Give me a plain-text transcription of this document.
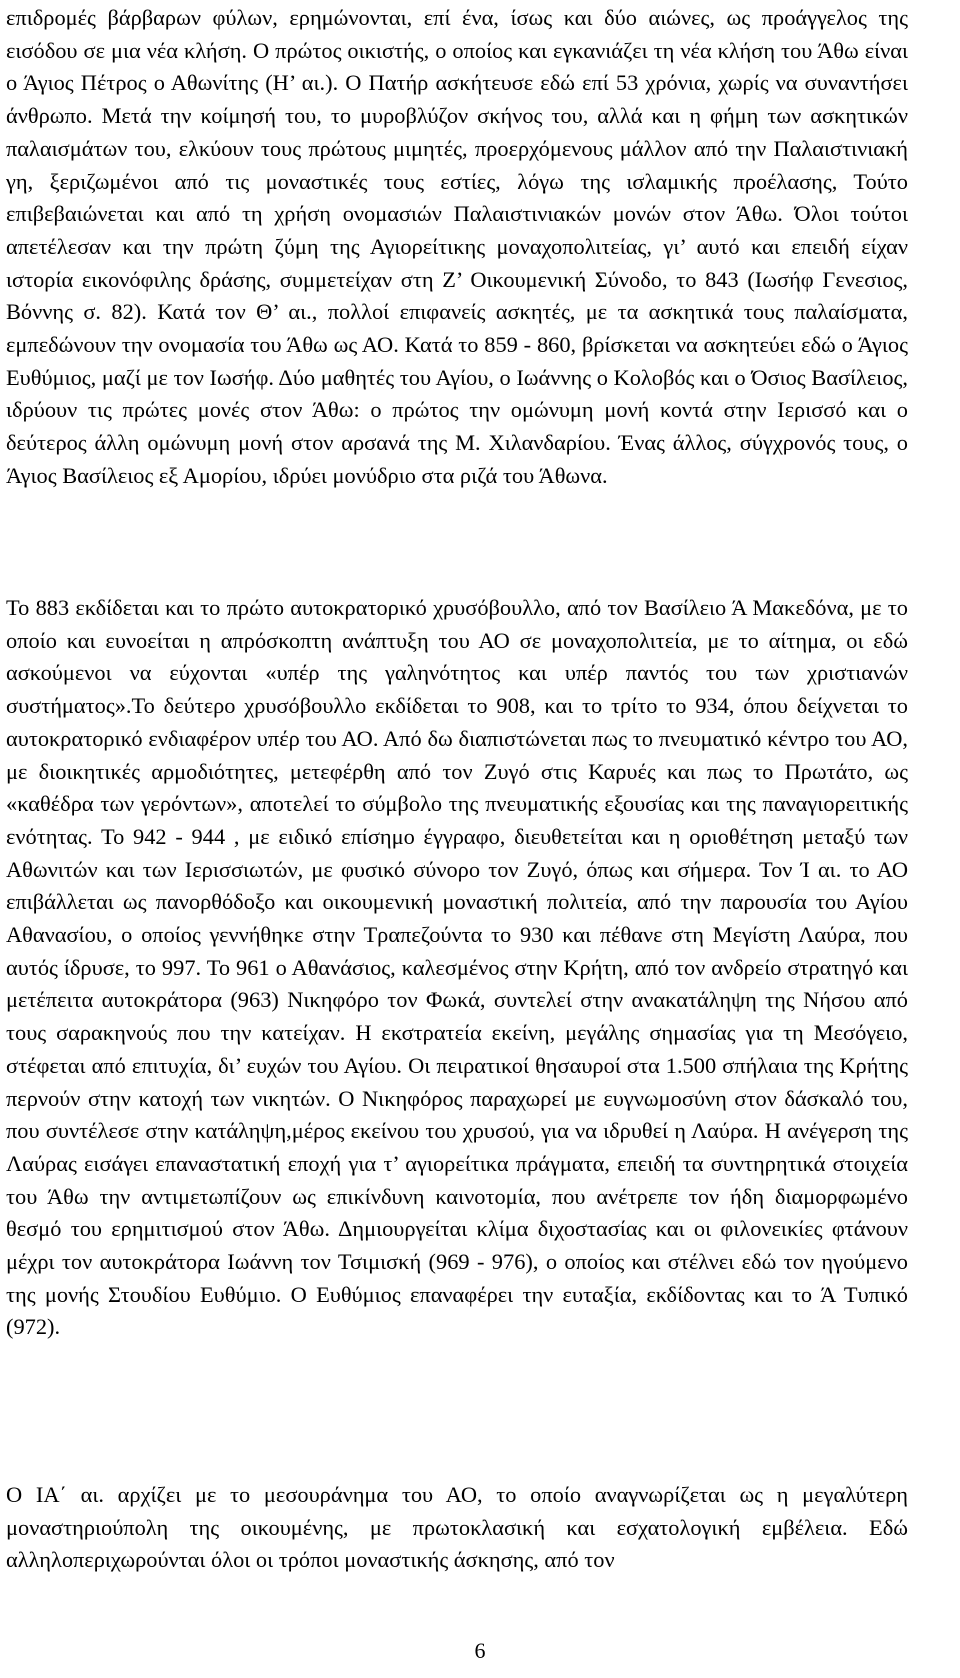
επιδρομές βάρβαρων φύλων, ερημώνονται, επί ένα, ίσως και δύο αιώνες, ως προάγγελος της εισόδου σε μια νέα κλήση. Ο πρώτος οικιστής, ο οποίος και εγκανιάζει τη νέα κλήση του Άθω είναι ο Άγιος Πέτρος ο Αθωνίτης (Η’ αι.). Ο Πατήρ ασκήτευσε εδώ επί 53 χρόνια, χωρίς να συναντήσει άνθρωπο. Μετά την κοίμησή του, το μυροβλύζον σκήνος του, αλλά και η φήμη των ασκητικών παλαισμάτων του, ελκύουν τους πρώτους μιμητές, προερχόμενους μάλλον από την Παλαιστινιακή γη, ξεριζωμένοι από τις μοναστικές τους εστίες, λόγω της ισλαμικής προέλασης, Τούτο επιβεβαιώνεται και από τη χρήση ονομασιών Παλαιστινιακών μονών στον Άθω. Όλοι τούτοι απετέλεσαν και την πρώτη ζύμη της Αγιορείτικης μοναχοπολιτείας, γι’ αυτό και επειδή είχαν ιστορία εικονόφιλης δράσης, συμμετείχαν στη Ζ’ Οικουμενική Σύνοδο, το 843 (Ιωσήφ Γενεσιος, Βόννης σ. 82). Κατά τον Θ’ αι., πολλοί επιφανείς ασκητές, με τα ασκητικά τους παλαίσματα, εμπεδώνουν την ονομασία του Άθω ως ΑΟ. Κατά το 859 - 860, βρίσκεται να ασκητεύει εδώ ο Άγιος Ευθύμιος, μαζί με τον Ιωσήφ. Δύο μαθητές του Αγίου, ο Ιωάννης ο Κολοβός και ο Όσιος Βασίλειος, ιδρύουν τις πρώτες μονές στον Άθω: ο πρώτος την ομώνυμη μονή κοντά στην Ιερισσό και ο δεύτερος άλλη ομώνυμη μονή στον αρσανά της Μ. Χιλανδαρίου. Ένας άλλος, σύγχρονός τους, ο Άγιος Βασίλειος εξ Αμορίου, ιδρύει μονύδριο στα ριζά του Άθωνα.

Το 883 εκδίδεται και το πρώτο αυτοκρατορικό χρυσόβουλλο, από τον Βασίλειο Ά Μακεδόνα, με το οποίο και ευνοείται η απρόσκοπτη ανάπτυξη του ΑΟ σε μοναχοπολιτεία, με το αίτημα, οι εδώ ασκούμενοι να εύχονται «υπέρ της γαληνότητος και υπέρ παντός του των χριστιανών συστήματος».Το δεύτερο χρυσόβουλλο εκδίδεται το 908, και το τρίτο το 934, όπου δείχνεται το αυτοκρατορικό ενδιαφέρον υπέρ του ΑΟ. Από δω διαπιστώνεται πως το πνευματικό κέντρο του ΑΟ, με διοικητικές αρμοδιότητες, μετεφέρθη από τον Ζυγό στις Καρυές και πως το Πρωτάτο, ως «καθέδρα των γερόντων», αποτελεί το σύμβολο της πνευματικής εξουσίας και της παναγιορειτικής ενότητας. Το 942 - 944 , με ειδικό επίσημο έγγραφο, διευθετείται και η οριοθέτηση μεταξύ των Αθωνιτών και των Ιερισσιωτών, με φυσικό σύνορο τον Ζυγό, όπως και σήμερα. Τον Ί αι. το ΑΟ επιβάλλεται ως πανορθόδοξο και οικουμενική μοναστική πολιτεία, από την παρουσία του Αγίου Αθανασίου, ο οποίος γεννήθηκε στην Τραπεζούντα το 930 και πέθανε στη Μεγίστη Λαύρα, που αυτός ίδρυσε, το 997. Το 961 ο Αθανάσιος, καλεσμένος στην Κρήτη, από τον ανδρείο στρατηγό και μετέπειτα αυτοκράτορα (963) Νικηφόρο τον Φωκά, συντελεί στην ανακατάληψη της Νήσου από τους σαρακηνούς που την κατείχαν. Η εκστρατεία εκείνη, μεγάλης σημασίας για τη Μεσόγειο, στέφεται από επιτυχία, δι’ ευχών του Αγίου. Οι πειρατικοί θησαυροί στα 1.500 σπήλαια της Κρήτης περνούν στην κατοχή των νικητών. Ο Νικηφόρος παραχωρεί με ευγνωμοσύνη στον δάσκαλό του, που συντέλεσε στην κατάληψη,μέρος εκείνου του χρυσού, για να ιδρυθεί η Λαύρα. Η ανέγερση της Λαύρας εισάγει επαναστατική εποχή για τ’ αγιορείτικα πράγματα, επειδή τα συντηρητικά στοιχεία του Άθω την αντιμετωπίζουν ως επικίνδυνη καινοτομία, που ανέτρεπε τον ήδη διαμορφωμένο θεσμό του ερημιτισμού στον Άθω. Δημιουργείται κλίμα διχοστασίας και οι φιλονεικίες φτάνουν μέχρι τον αυτοκράτορα Ιωάννη τον Τσιμισκή (969 - 976), ο οποίος και στέλνει εδώ τον ηγούμενο της μονής Στουδίου Ευθύμιο. Ο Ευθύμιος επαναφέρει την ευταξία, εκδίδοντας και το Ά Τυπικό (972).

Ο ΙΑ΄ αι. αρχίζει με το μεσουράνημα του ΑΟ, το οποίο αναγνωρίζεται ως η μεγαλύτερη μοναστηριούπολη της οικουμένης, με πρωτοκλασική και εσχατολογική εμβέλεια. Εδώ αλληλοπεριχωρούνται όλοι οι τρόποι μοναστικής άσκησης, από τον

6
